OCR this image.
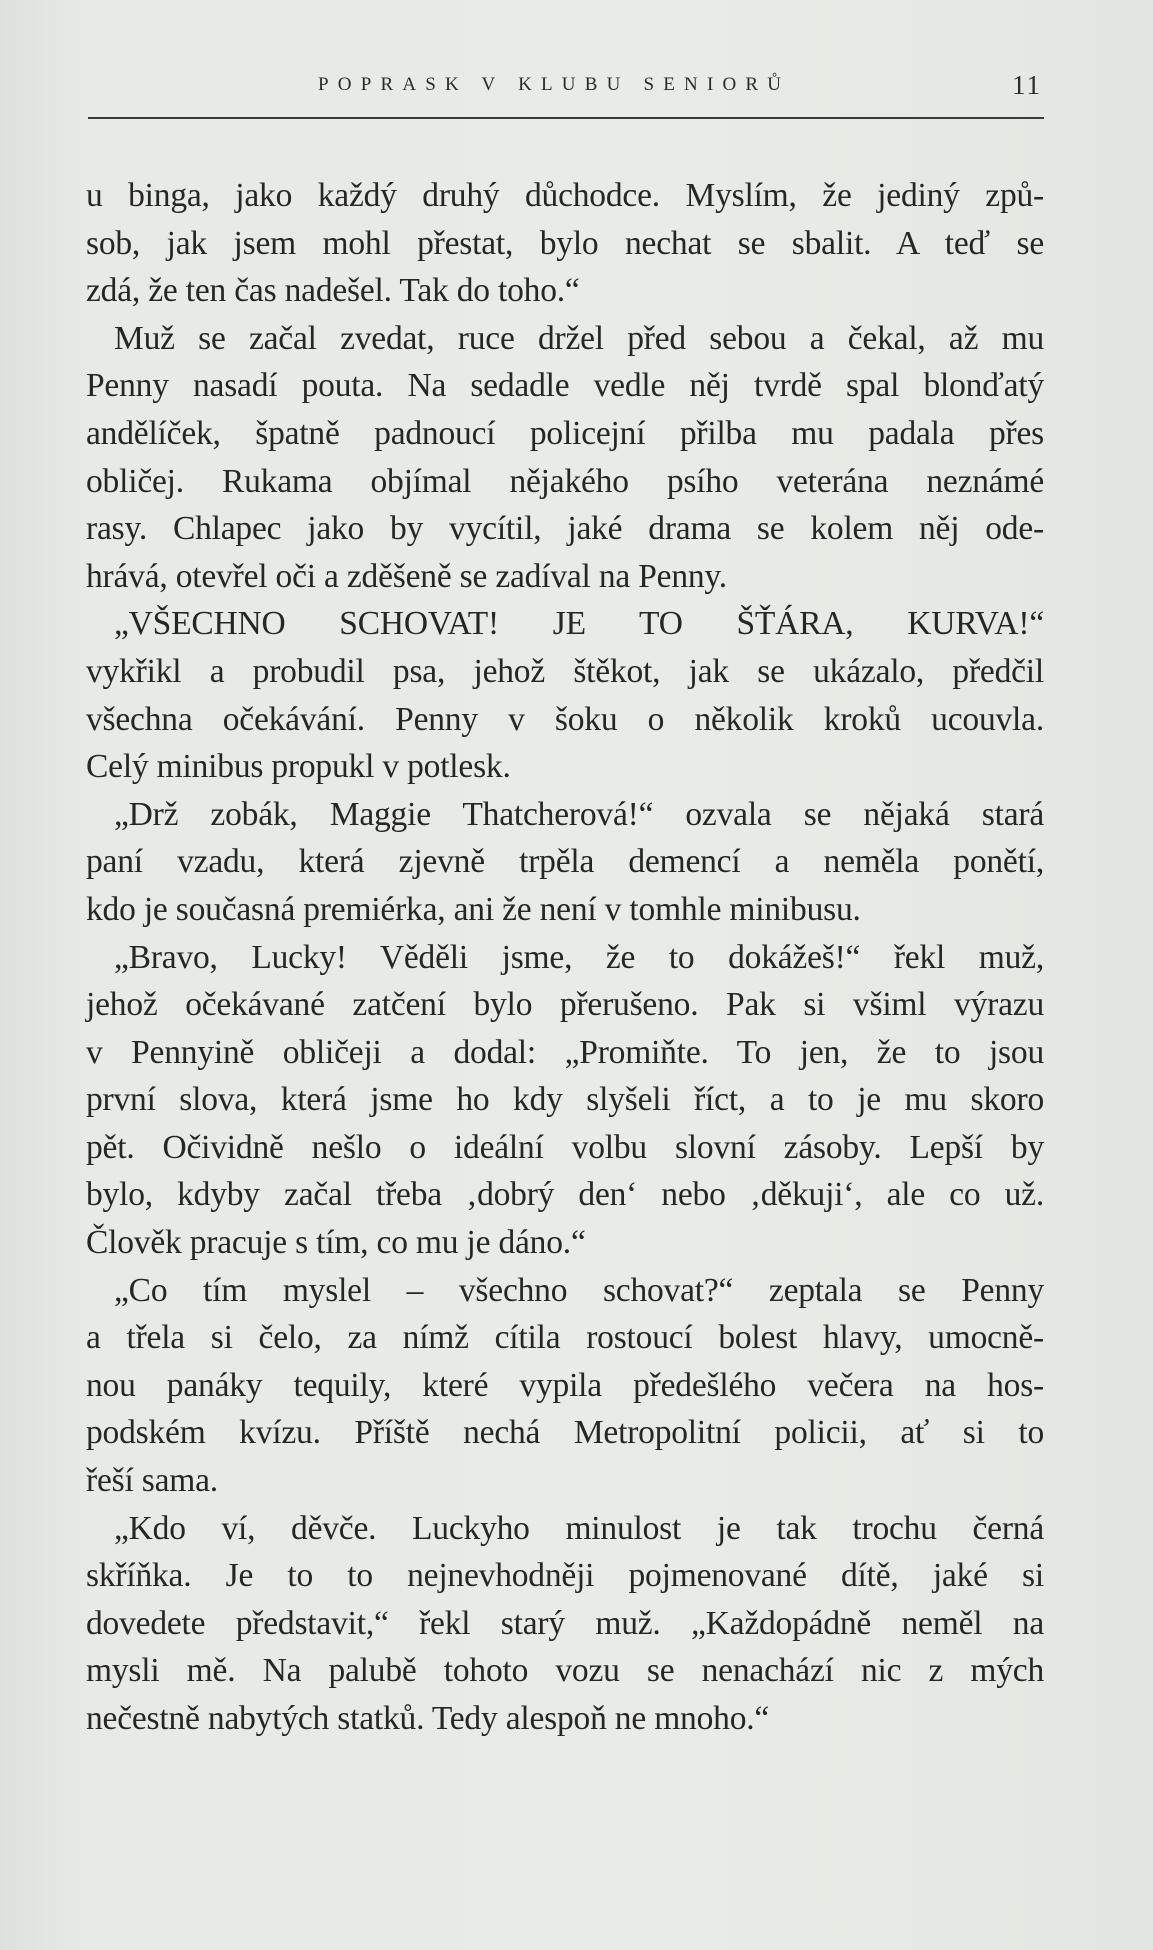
POPRASK V KLUBU SENIORŮ	11
u binga, jako každý druhý důchodce. Myslím, že jediný způ-
sob, jak jsem mohl přestat, bylo nechat se sbalit. A teď se
zdá, že ten čas nadešel. Tak do toho.“
Muž se začal zvedat, ruce držel před sebou a čekal, až mu
Penny nasadí pouta. Na sedadle vedle něj tvrdě spal blonďatý
andělíček, špatně padnoucí policejní přilba mu padala přes
obličej. Rukama objímal nějakého psího veterána neznámé
rasy. Chlapec jako by vycítil, jaké drama se kolem něj ode-
hrává, otevřel oči a zděšeně se zadíval na Penny.
„VŠECHNO SCHOVAT! JE TO ŠŤÁRA, KURVA!“
vykřikl a probudil psa, jehož štěkot, jak se ukázalo, předčil
všechna očekávání. Penny v šoku o několik kroků ucouvla.
Celý minibus propukl v potlesk.
„Drž zobák, Maggie Thatcherová!“ ozvala se nějaká stará
paní vzadu, která zjevně trpěla demencí a neměla ponětí,
kdo je současná premiérka, ani že není v tomhle minibusu.
„Bravo, Lucky! Věděli jsme, že to dokážeš!“ řekl muž,
jehož očekávané zatčení bylo přerušeno. Pak si všiml výrazu
v Pennyině obličeji a dodal: „Promiňte. To jen, že to jsou
první slova, která jsme ho kdy slyšeli říct, a to je mu skoro
pět. Očividně nešlo o ideální volbu slovní zásoby. Lepší by
bylo, kdyby začal třeba ‚dobrý den‘ nebo ‚děkuji‘, ale co už.
Člověk pracuje s tím, co mu je dáno.“
„Co tím myslel – všechno schovat?“ zeptala se Penny
a třela si čelo, za nímž cítila rostoucí bolest hlavy, umocně-
nou panáky tequily, které vypila předešlého večera na hos-
podském kvízu. Příště nechá Metropolitní policii, ať si to
řeší sama.
„Kdo ví, děvče. Luckyho minulost je tak trochu černá
skříňka. Je to to nejnevhodněji pojmenované dítě, jaké si
dovedete představit,“ řekl starý muž. „Každopádně neměl na
mysli mě. Na palubě tohoto vozu se nenachází nic z mých
nečestně nabytých statků. Tedy alespoň ne mnoho.“
